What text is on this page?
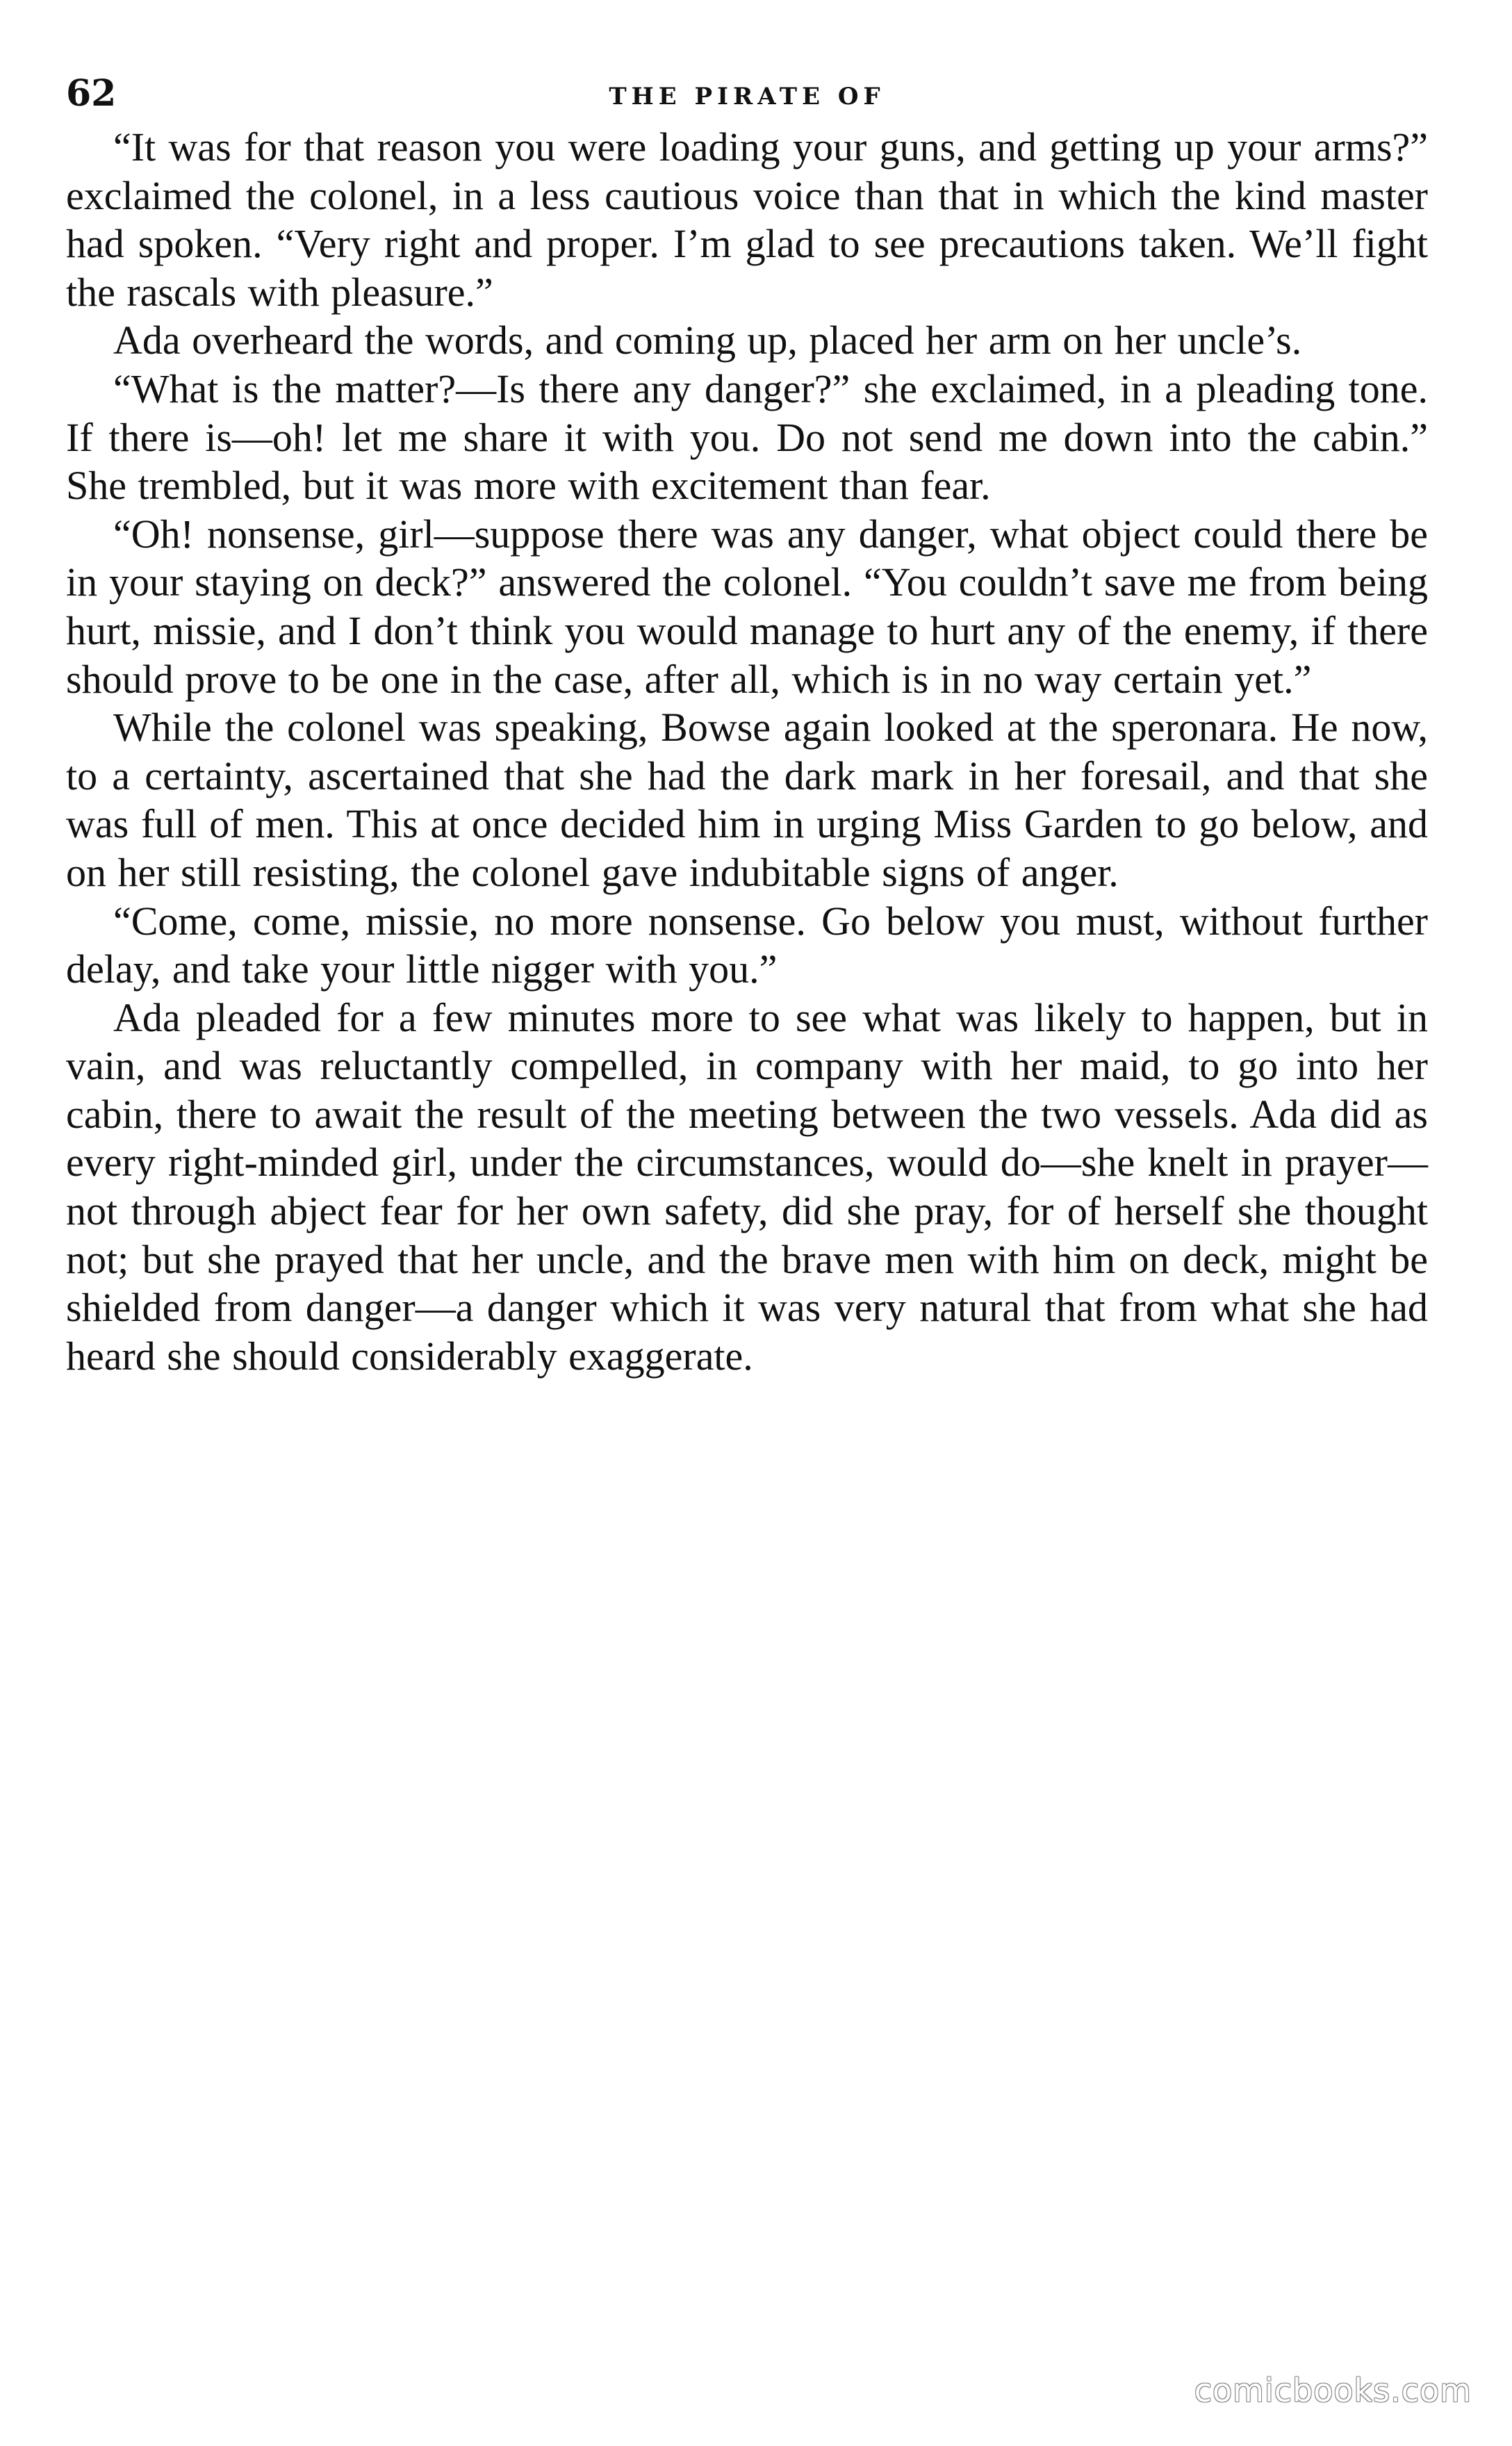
62	THE PIRATE OF

“It was for that reason you were loading your guns, and getting up your arms?” exclaimed the colonel, in a less cautious voice than that in which the kind master had spoken. “Very right and proper. I’m glad to see precautions taken. We’ll fight the rascals with pleasure.”

Ada overheard the words, and coming up, placed her arm on her uncle’s.

“What is the matter?—Is there any danger?” she exclaimed, in a pleading tone. If there is—oh! let me share it with you. Do not send me down into the cabin.” She trembled, but it was more with excitement than fear.

“Oh! nonsense, girl—suppose there was any danger, what object could there be in your staying on deck?” answered the colonel. “You couldn’t save me from being hurt, missie, and I don’t think you would manage to hurt any of the enemy, if there should prove to be one in the case, after all, which is in no way certain yet.”

While the colonel was speaking, Bowse again looked at the speronara. He now, to a certainty, ascertained that she had the dark mark in her foresail, and that she was full of men. This at once decided him in urging Miss Garden to go below, and on her still resisting, the colonel gave indubitable signs of anger.

“Come, come, missie, no more nonsense. Go below you must, without further delay, and take your little nigger with you.”

Ada pleaded for a few minutes more to see what was likely to happen, but in vain, and was reluctantly compelled, in company with her maid, to go into her cabin, there to await the result of the meeting between the two vessels. Ada did as every right-minded girl, under the circumstances, would do—she knelt in prayer—not through abject fear for her own safety, did she pray, for of herself she thought not; but she prayed that her uncle, and the brave men with him on deck, might be shielded from danger—a danger which it was very natural that from what she had heard she should considerably exaggerate.

comicbooks.com
